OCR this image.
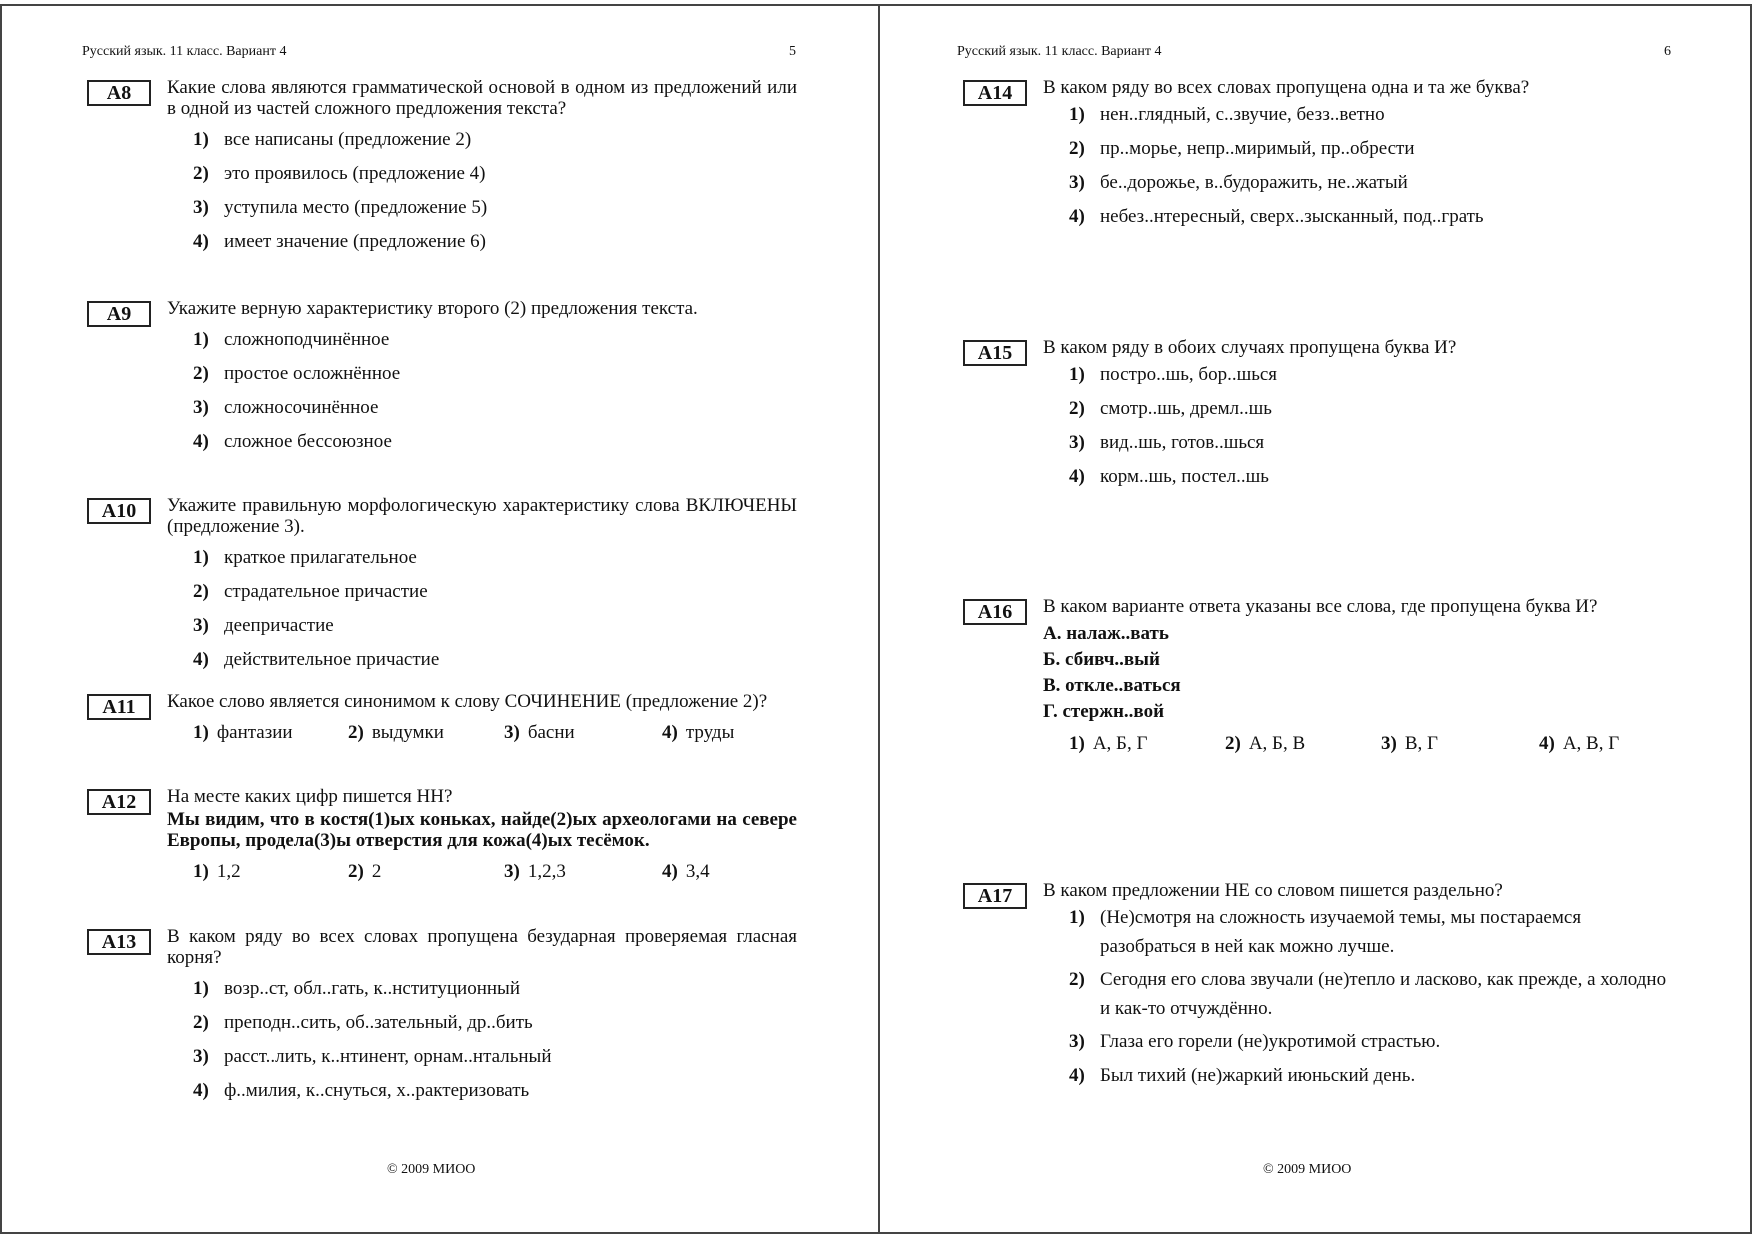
Русский язык. 11 класс. Вариант 4	5
A8	Какие слова являются грамматической основой в одном из предложений или в одной из частей сложного предложения текста?
1) все написаны (предложение 2)
2) это проявилось (предложение 4)
3) уступила место (предложение 5)
4) имеет значение (предложение 6)
A9	Укажите верную характеристику второго (2) предложения текста.
1) сложноподчинённое
2) простое осложнённое
3) сложносочинённое
4) сложное бессоюзное
A10	Укажите правильную морфологическую характеристику слова ВКЛЮЧЕНЫ (предложение 3).
1) краткое прилагательное
2) страдательное причастие
3) деепричастие
4) действительное причастие
A11	Какое слово является синонимом к слову СОЧИНЕНИЕ (предложение 2)?
1) фантазии	2) выдумки	3) басни	4) труды
A12	На месте каких цифр пишется НН?
Мы видим, что в костя(1)ых коньках, найде(2)ых археологами на севере Европы, продела(3)ы отверстия для кожа(4)ых тесёмок.
1) 1,2	2) 2	3) 1,2,3	4) 3,4
A13	В каком ряду во всех словах пропущена безударная проверяемая гласная корня?
1) возр..ст, обл..гать, к..нституционный
2) преподн..сить, об..зательный, др..бить
3) расст..лить, к..нтинент, орнам..нтальный
4) ф..милия, к..снуться, х..рактеризовать
© 2009 МИОО
Русский язык. 11 класс. Вариант 4	6
A14	В каком ряду во всех словах пропущена одна и та же буква?
1) нен..глядный, с..звучие, безз..ветно
2) пр..морье, непр..миримый, пр..обрести
3) бе..дорожье, в..будоражить, не..жатый
4) небез..нтересный, сверх..зысканный, под..грать
A15	В каком ряду в обоих случаях пропущена буква И?
1) постро..шь, бор..шься
2) смотр..шь, дремл..шь
3) вид..шь, готов..шься
4) корм..шь, постел..шь
A16	В каком варианте ответа указаны все слова, где пропущена буква И?
А. налаж..вать
Б. сбивч..вый
В. откле..ваться
Г. стержн..вой
1) А, Б, Г	2) А, Б, В	3) В, Г	4) А, В, Г
A17	В каком предложении НЕ со словом пишется раздельно?
1) (Не)смотря на сложность изучаемой темы, мы постараемся разобраться в ней как можно лучше.
2) Сегодня его слова звучали (не)тепло и ласково, как прежде, а холодно и как-то отчуждённо.
3) Глаза его горели (не)укротимой страстью.
4) Был тихий (не)жаркий июньский день.
© 2009 МИОО
